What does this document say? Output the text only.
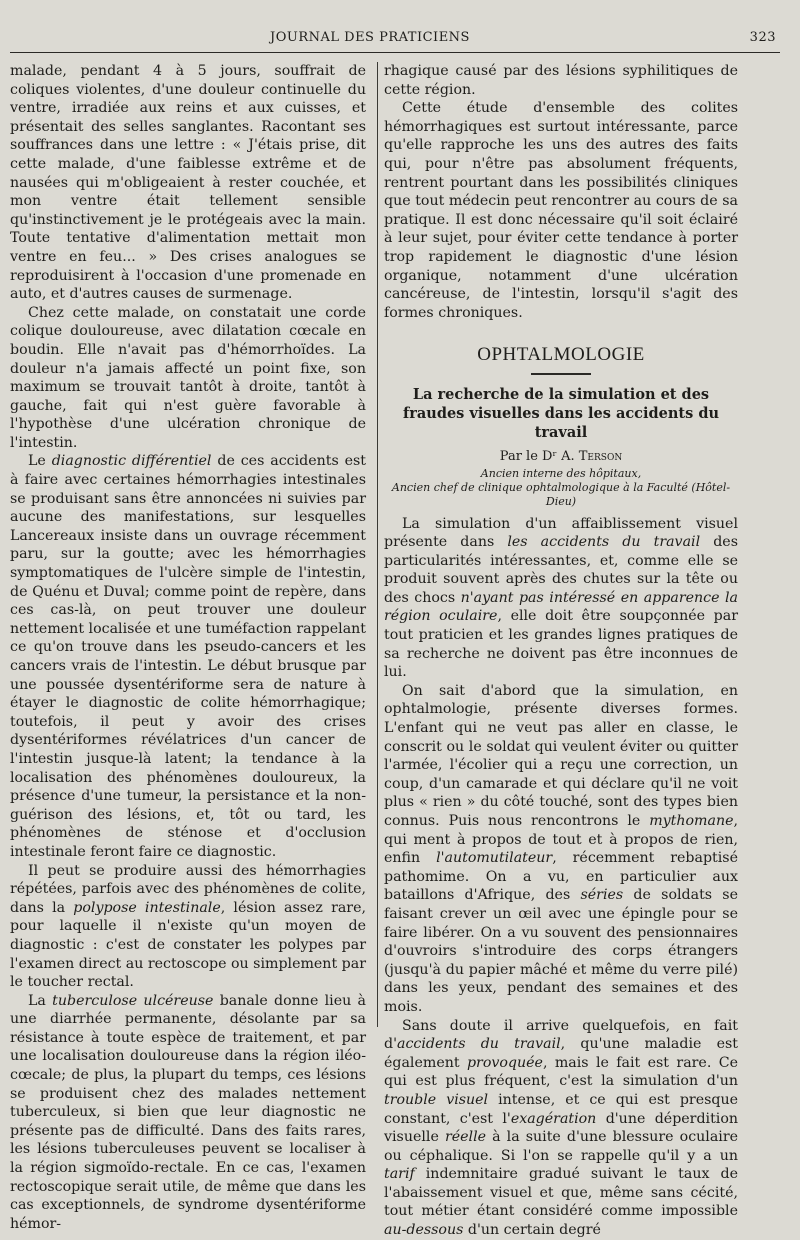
JOURNAL DES PRATICIENS	323

malade, pendant 4 à 5 jours, souffrait de coliques violentes, d'une douleur continuelle du ventre, irradiée aux reins et aux cuisses, et présentait des selles sanglantes. Racontant ses souffrances dans une lettre : « J'étais prise, dit cette malade, d'une faiblesse extrême et de nausées qui m'obligeaient à rester couchée, et mon ventre était tellement sensible qu'instinctivement je le protégeais avec la main. Toute tentative d'alimentation mettait mon ventre en feu... » Des crises analogues se reproduisirent à l'occasion d'une promenade en auto, et d'autres causes de surmenage.

Chez cette malade, on constatait une corde colique douloureuse, avec dilatation cœcale en boudin. Elle n'avait pas d'hémorrhoïdes. La douleur n'a jamais affecté un point fixe, son maximum se trouvait tantôt à droite, tantôt à gauche, fait qui n'est guère favorable à l'hypothèse d'une ulcération chronique de l'intestin.

Le diagnostic différentiel de ces accidents est à faire avec certaines hémorrhagies intestinales se produisant sans être annoncées ni suivies par aucune des manifestations, sur lesquelles Lancereaux insiste dans un ouvrage récemment paru, sur la goutte; avec les hémorrhagies symptomatiques de l'ulcère simple de l'intestin, de Quénu et Duval; comme point de repère, dans ces cas-là, on peut trouver une douleur nettement localisée et une tuméfaction rappelant ce qu'on trouve dans les pseudo-cancers et les cancers vrais de l'intestin. Le début brusque par une poussée dysentériforme sera de nature à étayer le diagnostic de colite hémorrhagique; toutefois, il peut y avoir des crises dysentériformes révélatrices d'un cancer de l'intestin jusque-là latent; la tendance à la localisation des phénomènes douloureux, la présence d'une tumeur, la persistance et la non-guérison des lésions, et, tôt ou tard, les phénomènes de sténose et d'occlusion intestinale feront faire ce diagnostic.

Il peut se produire aussi des hémorrhagies répétées, parfois avec des phénomènes de colite, dans la polypose intestinale, lésion assez rare, pour laquelle il n'existe qu'un moyen de diagnostic : c'est de constater les polypes par l'examen direct au rectoscope ou simplement par le toucher rectal.

La tuberculose ulcéreuse banale donne lieu à une diarrhée permanente, désolante par sa résistance à toute espèce de traitement, et par une localisation douloureuse dans la région iléo-cœcale; de plus, la plupart du temps, ces lésions se produisent chez des malades nettement tuberculeux, si bien que leur diagnostic ne présente pas de difficulté. Dans des faits rares, les lésions tuberculeuses peuvent se localiser à la région sigmoïdo-rectale. En ce cas, l'examen rectoscopique serait utile, de même que dans les cas exceptionnels, de syndrome dysentériforme hémor-

rhagique causé par des lésions syphilitiques de cette région.

Cette étude d'ensemble des colites hémorrhagiques est surtout intéressante, parce qu'elle rapproche les uns des autres des faits qui, pour n'être pas absolument fréquents, rentrent pourtant dans les possibilités cliniques que tout médecin peut rencontrer au cours de sa pratique. Il est donc nécessaire qu'il soit éclairé à leur sujet, pour éviter cette tendance à porter trop rapidement le diagnostic d'une lésion organique, notamment d'une ulcération cancéreuse, de l'intestin, lorsqu'il s'agit des formes chroniques.

OPHTALMOLOGIE
La recherche de la simulation et des fraudes visuelles dans les accidents du travail
Par le Dʳ A. Terson
Ancien interne des hôpitaux,
Ancien chef de clinique ophtalmologique à la Faculté (Hôtel-Dieu)

La simulation d'un affaiblissement visuel présente dans les accidents du travail des particularités intéressantes, et, comme elle se produit souvent après des chutes sur la tête ou des chocs n'ayant pas intéressé en apparence la région oculaire, elle doit être soupçonnée par tout praticien et les grandes lignes pratiques de sa recherche ne doivent pas être inconnues de lui.

On sait d'abord que la simulation, en ophtalmologie, présente diverses formes. L'enfant qui ne veut pas aller en classe, le conscrit ou le soldat qui veulent éviter ou quitter l'armée, l'écolier qui a reçu une correction, un coup, d'un camarade et qui déclare qu'il ne voit plus « rien » du côté touché, sont des types bien connus. Puis nous rencontrons le mythomane, qui ment à propos de tout et à propos de rien, enfin l'automutilateur, récemment rebaptisé pathomime. On a vu, en particulier aux bataillons d'Afrique, des séries de soldats se faisant crever un œil avec une épingle pour se faire libérer. On a vu souvent des pensionnaires d'ouvroirs s'introduire des corps étrangers (jusqu'à du papier mâché et même du verre pilé) dans les yeux, pendant des semaines et des mois.

Sans doute il arrive quelquefois, en fait d'accidents du travail, qu'une maladie est également provoquée, mais le fait est rare. Ce qui est plus fréquent, c'est la simulation d'un trouble visuel intense, et ce qui est presque constant, c'est l'exagération d'une déperdition visuelle réelle à la suite d'une blessure oculaire ou céphalique. Si l'on se rappelle qu'il y a un tarif indemnitaire gradué suivant le taux de l'abaissement visuel et que, même sans cécité, tout métier étant considéré comme impossible au-dessous d'un certain degré
